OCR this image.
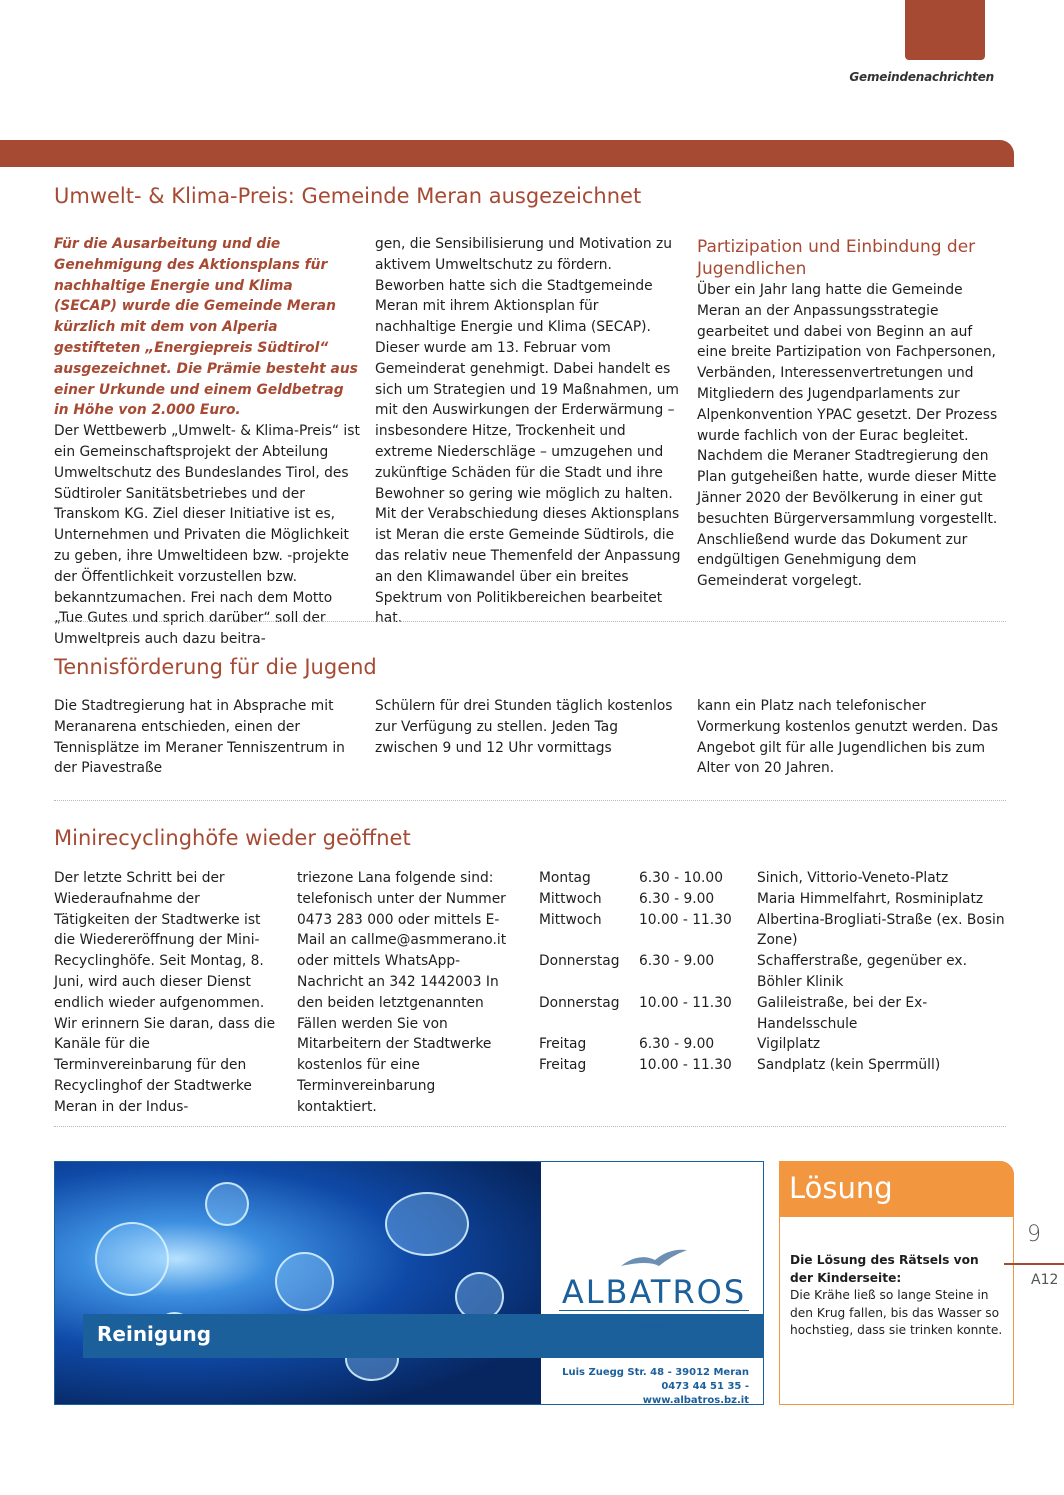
Gemeindenachrichten
Umwelt- & Klima-Preis: Gemeinde Meran ausgezeichnet

Für die Ausarbeitung und die Genehmigung des Aktionsplans für nachhaltige Energie und Klima (SECAP) wurde die Gemeinde Meran kürzlich mit dem von Alperia gestifteten „Energiepreis Südtirol“ ausgezeichnet. Die Prämie besteht aus einer Urkunde und einem Geldbetrag in Höhe von 2.000 Euro.

Der Wettbewerb „Umwelt- & Klima-Preis“ ist ein Gemeinschaftsprojekt der Abteilung Umweltschutz des Bundeslandes Tirol, des Südtiroler Sanitätsbetriebes und der Transkom KG. Ziel dieser Initiative ist es, Unternehmen und Privaten die Möglichkeit zu geben, ihre Umweltideen bzw. -projekte der Öffentlichkeit vorzustellen bzw. bekanntzumachen. Frei nach dem Motto „Tue Gutes und sprich darüber“ soll der Umweltpreis auch dazu beitra-

gen, die Sensibilisierung und Motivation zu aktivem Umweltschutz zu fördern. Beworben hatte sich die Stadtgemeinde Meran mit ihrem Aktionsplan für nachhaltige Energie und Klima (SECAP). Dieser wurde am 13. Februar vom Gemeinderat genehmigt. Dabei handelt es sich um Strategien und 19 Maßnahmen, um mit den Auswirkungen der Erderwärmung – insbesondere Hitze, Trockenheit und extreme Niederschläge – umzugehen und zukünftige Schäden für die Stadt und ihre Bewohner so gering wie möglich zu halten. Mit der Verabschiedung dieses Aktionsplans ist Meran die erste Gemeinde Südtirols, die das relativ neue Themenfeld der Anpassung an den Klimawandel über ein breites Spektrum von Politikbereichen bearbeitet hat.

Partizipation und Einbindung der Jugendlichen

Über ein Jahr lang hatte die Gemeinde Meran an der Anpassungsstrategie gearbeitet und dabei von Beginn an auf eine breite Partizipation von Fachpersonen, Verbänden, Interessenvertretungen und Mitgliedern des Jugendparlaments zur Alpenkonvention YPAC gesetzt. Der Prozess wurde fachlich von der Eurac begleitet. Nachdem die Meraner Stadtregierung den Plan gutgeheißen hatte, wurde dieser Mitte Jänner 2020 der Bevölkerung in einer gut besuchten Bürgerversammlung vorgestellt. Anschließend wurde das Dokument zur endgültigen Genehmigung dem Gemeinderat vorgelegt.

Tennisförderung für die Jugend

Die Stadtregierung hat in Absprache mit Meranarena entschieden, einen der Tennisplätze im Meraner Tenniszentrum in der Piavestraße

Schülern für drei Stunden täglich kostenlos zur Verfügung zu stellen. Jeden Tag zwischen 9 und 12 Uhr vormittags

kann ein Platz nach telefonischer Vormerkung kostenlos genutzt werden. Das Angebot gilt für alle Jugendlichen bis zum Alter von 20 Jahren.

Minirecyclinghöfe wieder geöffnet

Der letzte Schritt bei der Wiederaufnahme der Tätigkeiten der Stadtwerke ist die Wiedereröffnung der Mini-Recyclinghöfe. Seit Montag, 8. Juni, wird auch dieser Dienst endlich wieder aufgenommen. Wir erinnern Sie daran, dass die Kanäle für die Terminvereinbarung für den Recyclinghof der Stadtwerke Meran in der Indus-

triezone Lana folgende sind: telefonisch unter der Nummer 0473 283 000 oder mittels E-Mail an callme@asmmerano.it oder mittels WhatsApp-Nachricht an 342 1442003 In den beiden letztgenannten Fällen werden Sie von Mitarbeitern der Stadtwerke kostenlos für eine Terminvereinbarung kontaktiert.

Montag	6.30 - 10.00	Sinich, Vittorio-Veneto-Platz
Mittwoch	6.30 - 9.00	Maria Himmelfahrt, Rosminiplatz
Mittwoch	10.00 - 11.30	Albertina-Brogliati-Straße (ex. Bosin Zone)
Donnerstag	6.30 - 9.00	Schafferstraße, gegenüber ex. Böhler Klinik
Donnerstag	10.00 - 11.30	Galileistraße, bei der Ex-Handelsschule
Freitag	6.30 - 9.00	Vigilplatz
Freitag	10.00 - 11.30	Sandplatz (kein Sperrmüll)
Reinigung
ALBATROS
Sozialgenossenschaft - Cooperativa sociale
Luis Zuegg Str. 48 - 39012 Meran
0473 44 51 35 - www.albatros.bz.it
Lösung
Die Lösung des Rätsels von der Kinderseite:
Die Krähe ließ so lange Steine in den Krug fallen, bis das Wasser so hochstieg, dass sie trinken konnte.
9
A12
